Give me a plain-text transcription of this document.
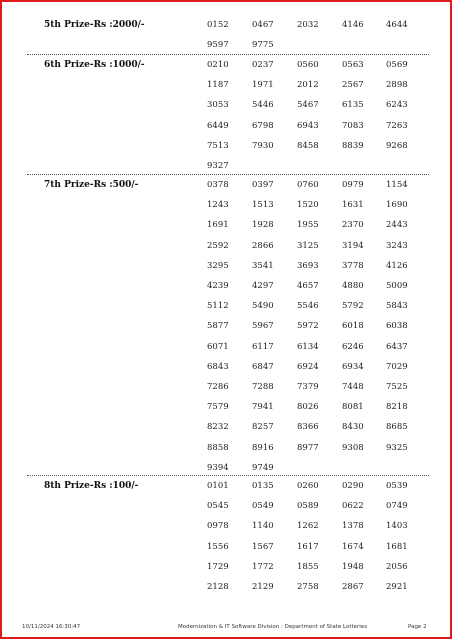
5th Prize-Rs :2000/-	0152	0467	2032	4146	4644
9597	9775
6th Prize-Rs :1000/-	0210	0237	0560	0563	0569
1187	1971	2012	2567	2898
3053	5446	5467	6135	6243
6449	6798	6943	7083	7263
7513	7930	8458	8839	9268
9327
7th Prize-Rs :500/-	0378	0397	0760	0979	1154
1243	1513	1520	1631	1690
1691	1928	1955	2370	2443
2592	2866	3125	3194	3243
3295	3541	3693	3778	4126
4239	4297	4657	4880	5009
5112	5490	5546	5792	5843
5877	5967	5972	6018	6038
6071	6117	6134	6246	6437
6843	6847	6924	6934	7029
7286	7288	7379	7448	7525
7579	7941	8026	8081	8218
8232	8257	8366	8430	8685
8858	8916	8977	9308	9325
9394	9749
8th Prize-Rs :100/-	0101	0135	0260	0290	0539
0545	0549	0589	0622	0749
0978	1140	1262	1378	1403
1556	1567	1617	1674	1681
1729	1772	1855	1948	2056
2128	2129	2758	2867	2921
10/11/2024 16:30:47	Modernization & IT Software Division : Department of State Lotteries	Page 2
